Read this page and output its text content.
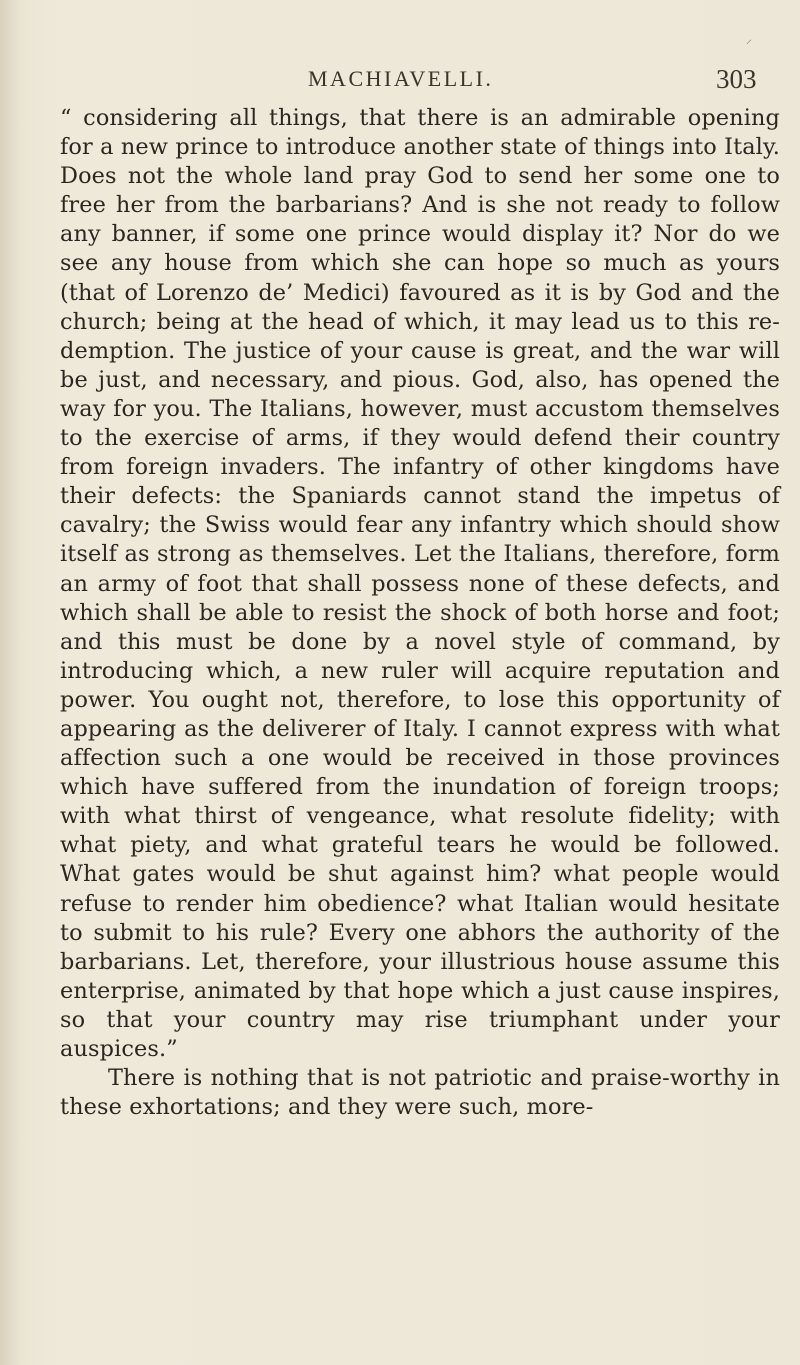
⸝
MACHIAVELLI.	303

“ considering all things, that there is an admirable opening for a new prince to introduce another state of things into Italy. Does not the whole land pray God to send her some one to free her from the barbarians? And is she not ready to follow any banner, if some one prince would display it? Nor do we see any house from which she can hope so much as yours (that of Lorenzo de’ Medici) favoured as it is by God and the church; being at the head of which, it may lead us to this re-demption. The justice of your cause is great, and the war will be just, and necessary, and pious. God, also, has opened the way for you. The Italians, however, must accustom themselves to the exercise of arms, if they would defend their country from foreign invaders. The infantry of other kingdoms have their defects: the Spaniards cannot stand the impetus of cavalry; the Swiss would fear any infantry which should show itself as strong as themselves. Let the Italians, therefore, form an army of foot that shall possess none of these defects, and which shall be able to resist the shock of both horse and foot; and this must be done by a novel style of command, by introducing which, a new ruler will acquire reputation and power. You ought not, therefore, to lose this opportunity of appearing as the deliverer of Italy. I cannot express with what affection such a one would be received in those provinces which have suffered from the inundation of foreign troops; with what thirst of vengeance, what resolute fidelity; with what piety, and what grateful tears he would be followed. What gates would be shut against him? what people would refuse to render him obedience? what Italian would hesitate to submit to his rule? Every one abhors the authority of the barbarians. Let, therefore, your illustrious house assume this enterprise, animated by that hope which a just cause inspires, so that your country may rise triumphant under your auspices.”

There is nothing that is not patriotic and praise-worthy in these exhortations; and they were such, more-
